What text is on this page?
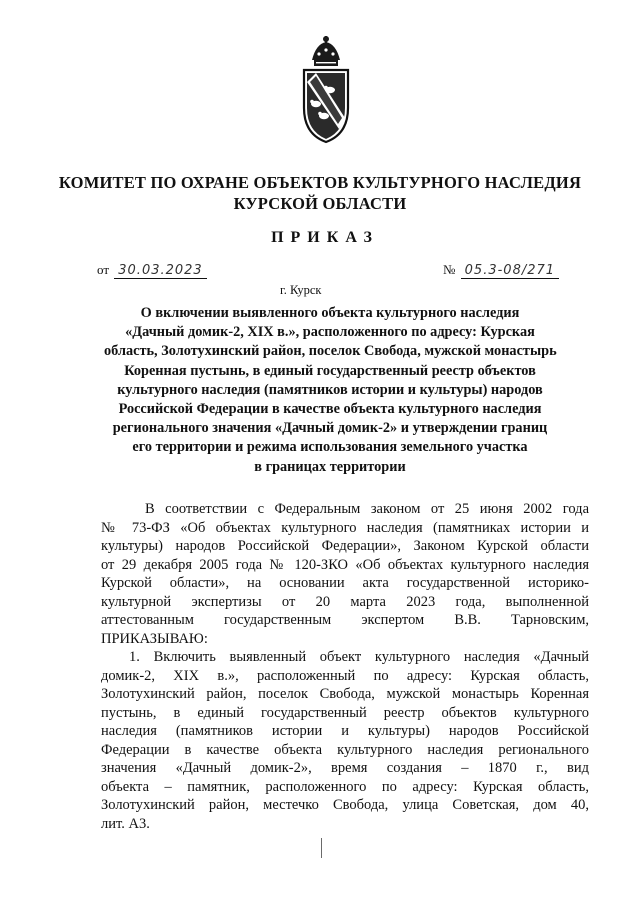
КОМИТЕТ ПО ОХРАНЕ ОБЪЕКТОВ КУЛЬТУРНОГО НАСЛЕДИЯ
КУРСКОЙ ОБЛАСТИ
ПРИКАЗ
от 30.03.2023	№ 05.3-08/271
г. Курск
О включении выявленного объекта культурного наследия
«Дачный домик-2, XIX в.», расположенного по адресу: Курская
область, Золотухинский район, поселок Свобода, мужской монастырь
Коренная пустынь, в единый государственный реестр объектов
культурного наследия (памятников истории и культуры) народов
Российской Федерации в качестве объекта культурного наследия
регионального значения «Дачный домик-2» и утверждении границ
его территории и режима использования земельного участка
в границах территории
В соответствии с Федеральным законом от 25 июня 2002 года
№ 73-ФЗ «Об объектах культурного наследия (памятниках истории и
культуры) народов Российской Федерации», Законом Курской области
от 29 декабря 2005 года № 120-ЗКО «Об объектах культурного наследия
Курской области», на основании акта государственной историко-
культурной экспертизы от 20 марта 2023 года, выполненной
аттестованным государственным экспертом В.В. Тарновским,
ПРИКАЗЫВАЮ:
1. Включить выявленный объект культурного наследия «Дачный
домик-2, XIX в.», расположенный по адресу: Курская область,
Золотухинский район, поселок Свобода, мужской монастырь Коренная
пустынь, в единый государственный реестр объектов культурного
наследия (памятников истории и культуры) народов Российской
Федерации в качестве объекта культурного наследия регионального
значения «Дачный домик-2», время создания – 1870 г., вид
объекта – памятник, расположенного по адресу: Курская область,
Золотухинский район, местечко Свобода, улица Советская, дом 40,
лит. А3.
